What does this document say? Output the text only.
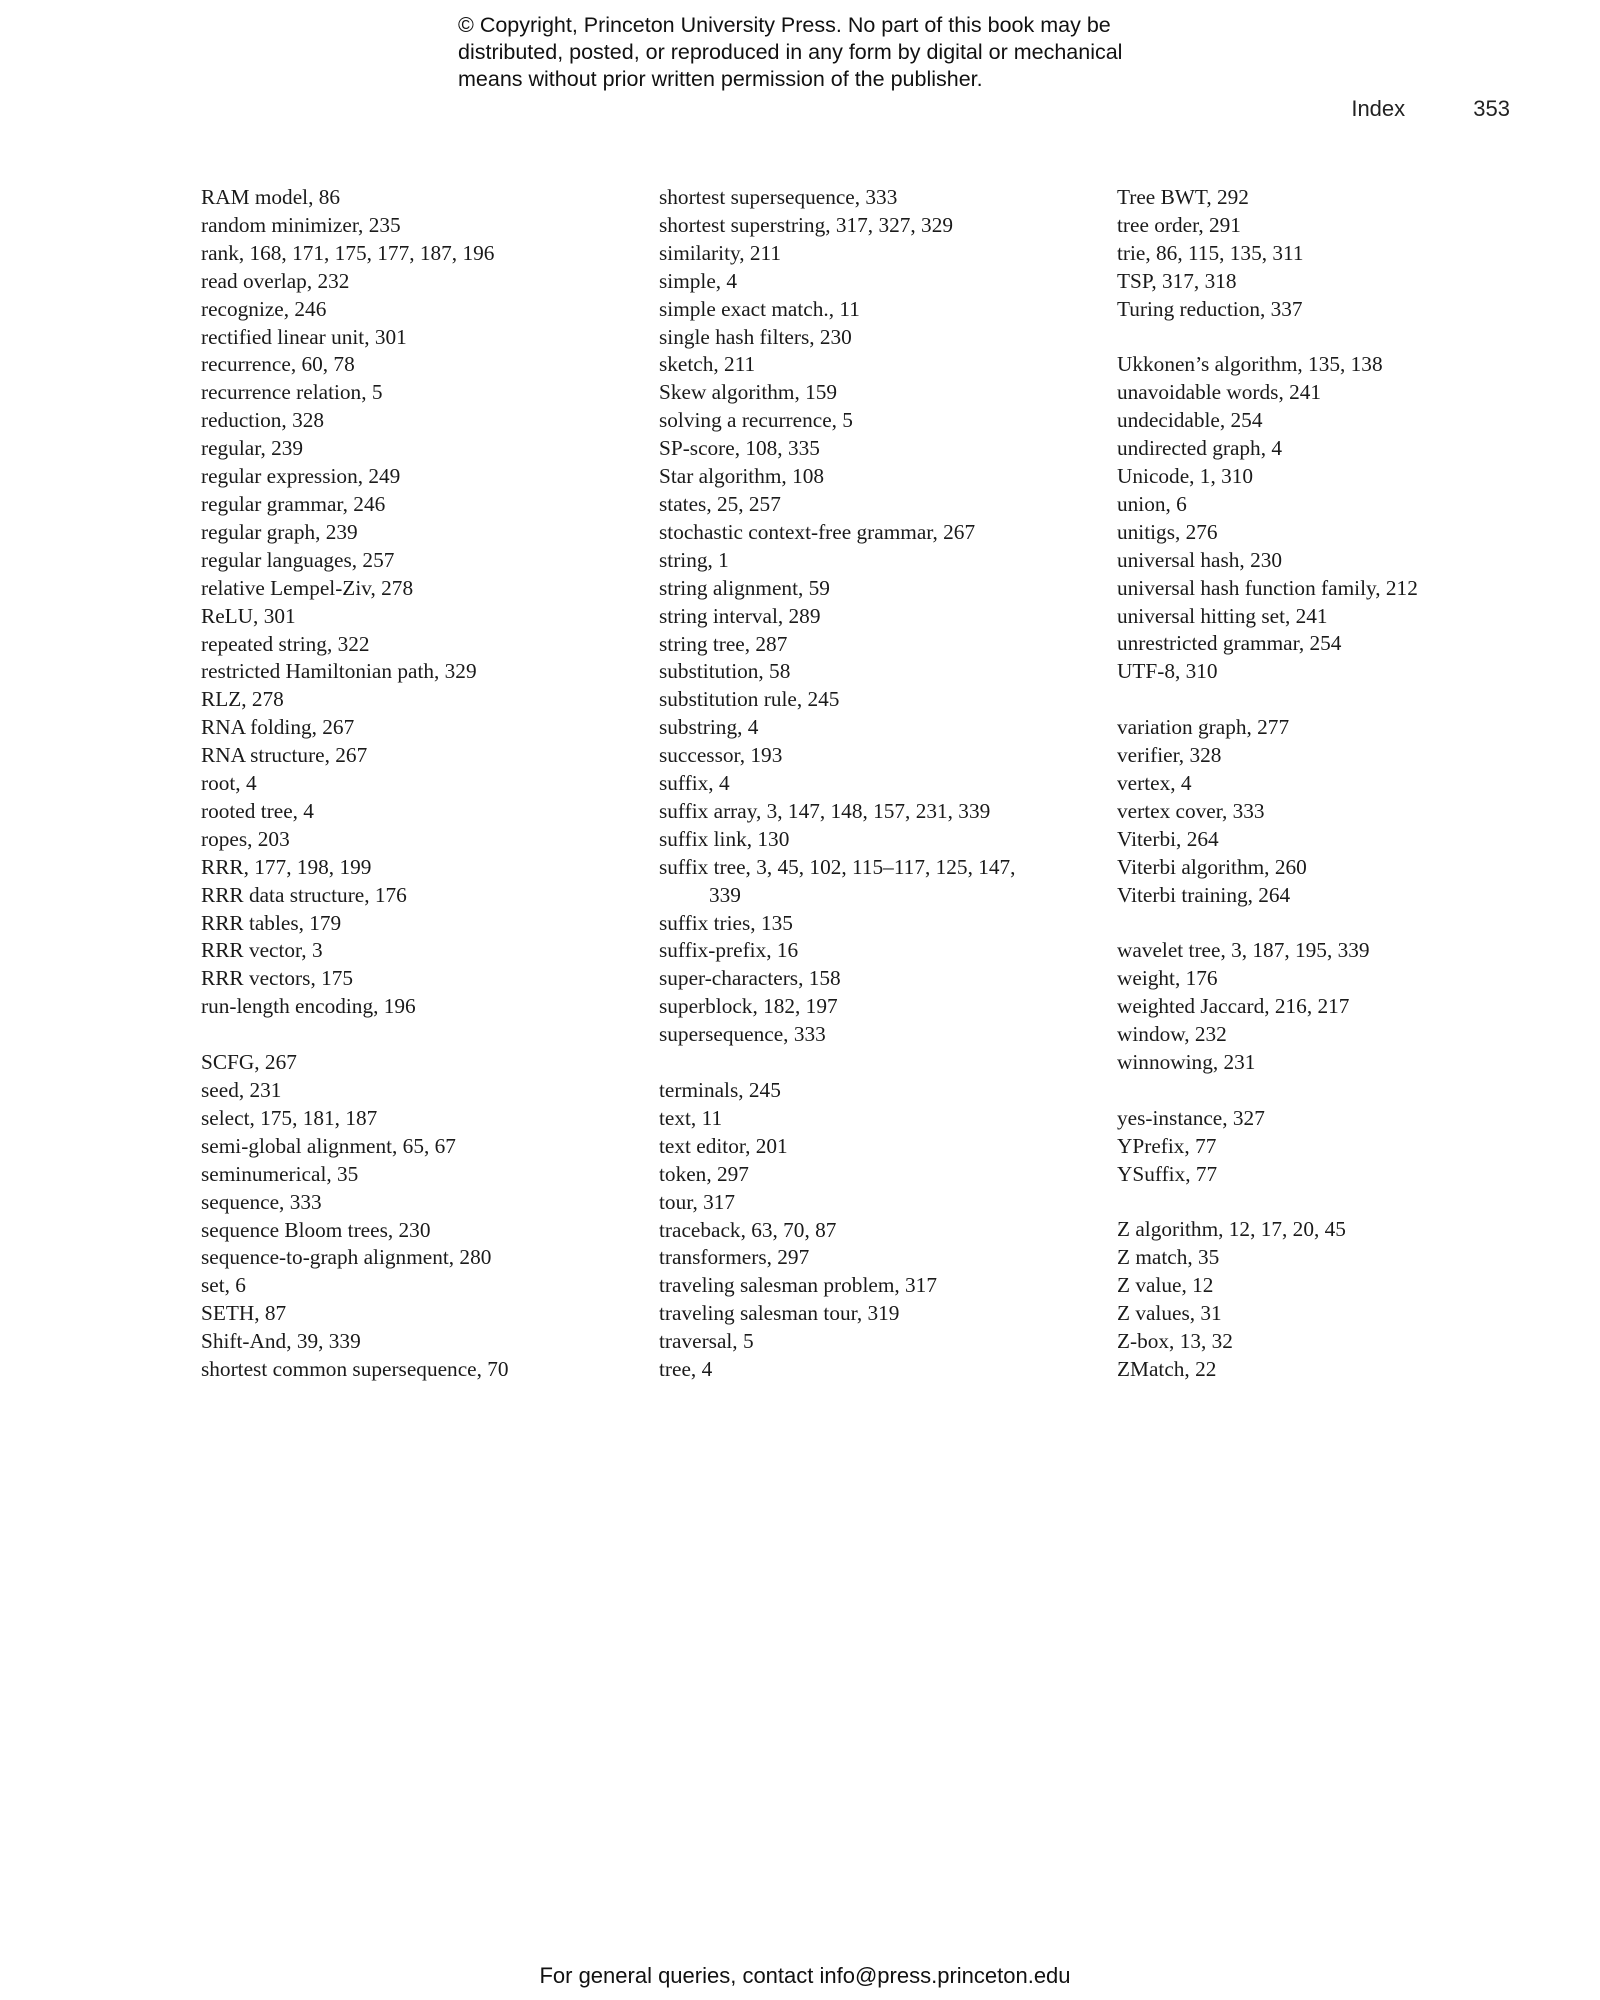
© Copyright, Princeton University Press. No part of this book may be
distributed, posted, or reproduced in any form by digital or mechanical
means without prior written permission of the publisher.
Index	353
RAM model, 86
random minimizer, 235
rank, 168, 171, 175, 177, 187, 196
read overlap, 232
recognize, 246
rectified linear unit, 301
recurrence, 60, 78
recurrence relation, 5
reduction, 328
regular, 239
regular expression, 249
regular grammar, 246
regular graph, 239
regular languages, 257
relative Lempel-Ziv, 278
ReLU, 301
repeated string, 322
restricted Hamiltonian path, 329
RLZ, 278
RNA folding, 267
RNA structure, 267
root, 4
rooted tree, 4
ropes, 203
RRR, 177, 198, 199
RRR data structure, 176
RRR tables, 179
RRR vector, 3
RRR vectors, 175
run-length encoding, 196
SCFG, 267
seed, 231
select, 175, 181, 187
semi-global alignment, 65, 67
seminumerical, 35
sequence, 333
sequence Bloom trees, 230
sequence-to-graph alignment, 280
set, 6
SETH, 87
Shift-And, 39, 339
shortest common supersequence, 70
shortest supersequence, 333
shortest superstring, 317, 327, 329
similarity, 211
simple, 4
simple exact match., 11
single hash filters, 230
sketch, 211
Skew algorithm, 159
solving a recurrence, 5
SP-score, 108, 335
Star algorithm, 108
states, 25, 257
stochastic context-free grammar, 267
string, 1
string alignment, 59
string interval, 289
string tree, 287
substitution, 58
substitution rule, 245
substring, 4
successor, 193
suffix, 4
suffix array, 3, 147, 148, 157, 231, 339
suffix link, 130
suffix tree, 3, 45, 102, 115–117, 125, 147,
339
suffix tries, 135
suffix-prefix, 16
super-characters, 158
superblock, 182, 197
supersequence, 333
terminals, 245
text, 11
text editor, 201
token, 297
tour, 317
traceback, 63, 70, 87
transformers, 297
traveling salesman problem, 317
traveling salesman tour, 319
traversal, 5
tree, 4
Tree BWT, 292
tree order, 291
trie, 86, 115, 135, 311
TSP, 317, 318
Turing reduction, 337
Ukkonen’s algorithm, 135, 138
unavoidable words, 241
undecidable, 254
undirected graph, 4
Unicode, 1, 310
union, 6
unitigs, 276
universal hash, 230
universal hash function family, 212
universal hitting set, 241
unrestricted grammar, 254
UTF-8, 310
variation graph, 277
verifier, 328
vertex, 4
vertex cover, 333
Viterbi, 264
Viterbi algorithm, 260
Viterbi training, 264
wavelet tree, 3, 187, 195, 339
weight, 176
weighted Jaccard, 216, 217
window, 232
winnowing, 231
yes-instance, 327
YPrefix, 77
YSuffix, 77
Z algorithm, 12, 17, 20, 45
Z match, 35
Z value, 12
Z values, 31
Z-box, 13, 32
ZMatch, 22
For general queries, contact info@press.princeton.edu
